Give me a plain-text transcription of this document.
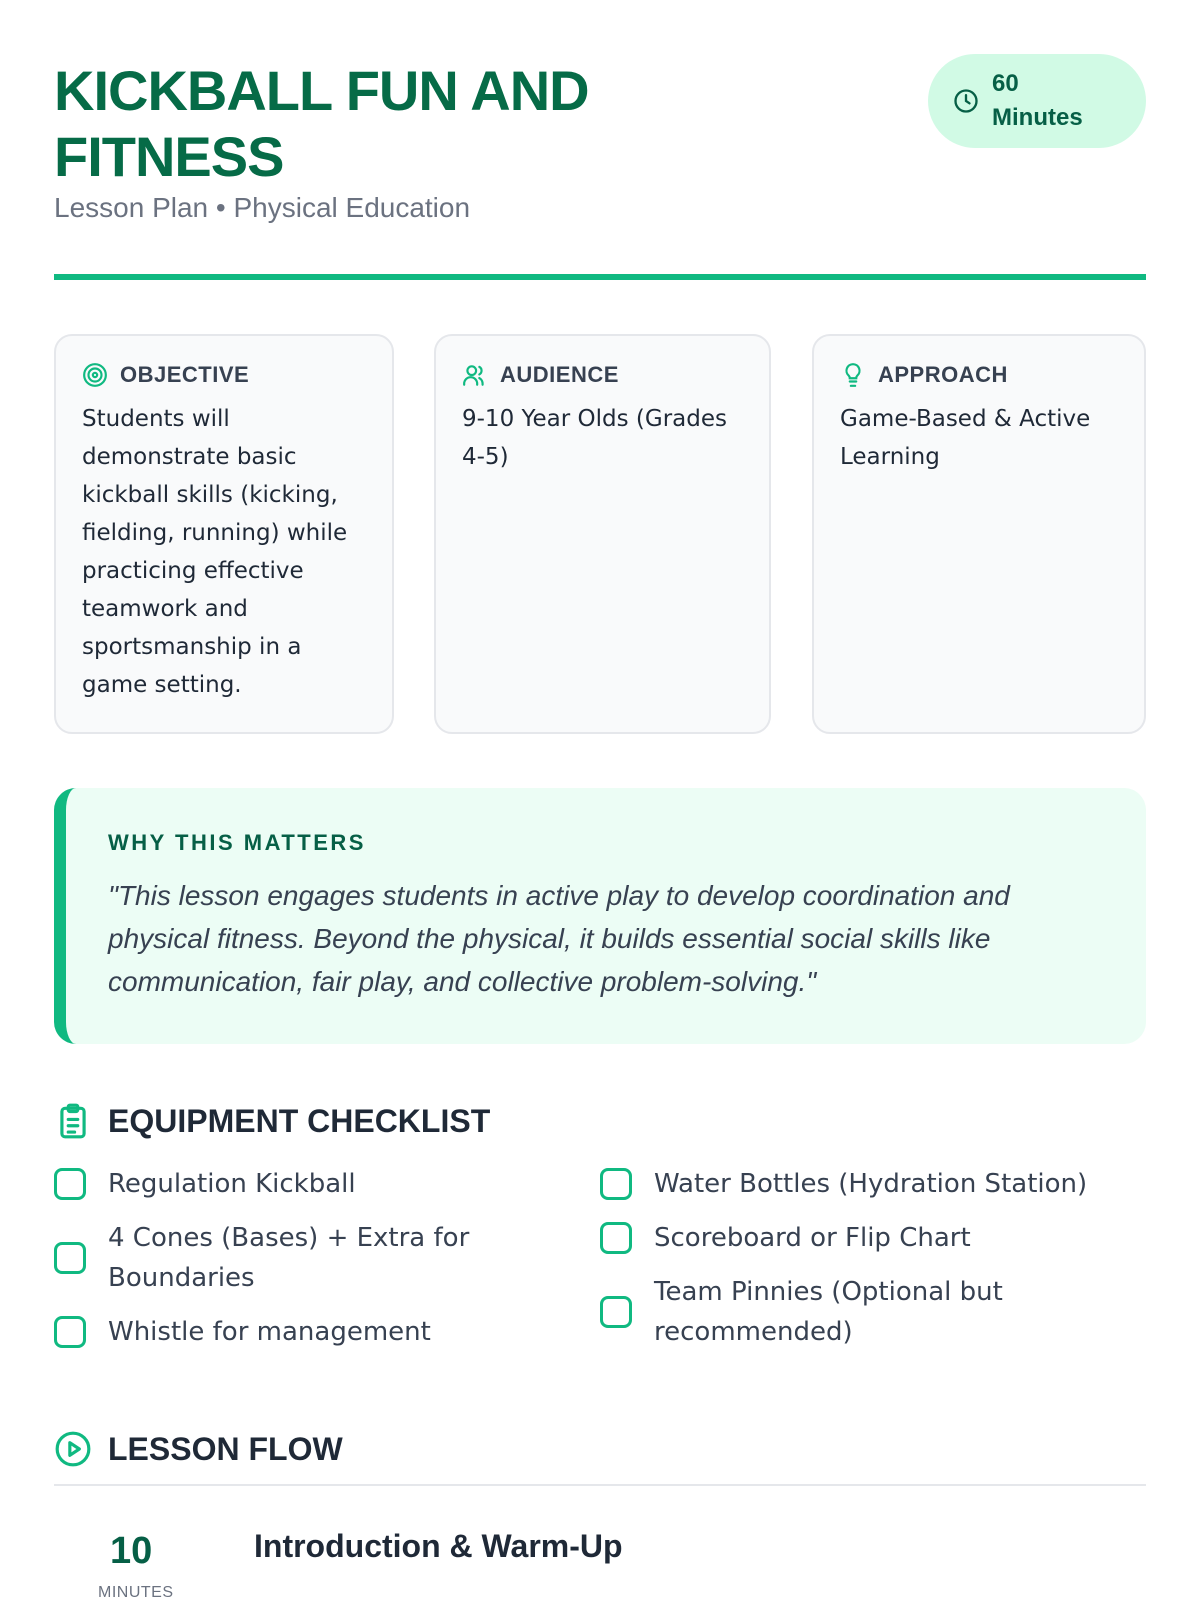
KICKBALL FUN AND FITNESS
Lesson Plan • Physical Education
60 Minutes
OBJECTIVE
Students will demonstrate basic kickball skills (kicking, fielding, running) while practicing effective teamwork and sportsmanship in a game setting.
AUDIENCE
9-10 Year Olds (Grades 4-5)
APPROACH
Game-Based & Active Learning
WHY THIS MATTERS
"This lesson engages students in active play to develop coordination and physical fitness. Beyond the physical, it builds essential social skills like communication, fair play, and collective problem-solving."
EQUIPMENT CHECKLIST
Regulation Kickball
4 Cones (Bases) + Extra for Boundaries
Whistle for management
Water Bottles (Hydration Station)
Scoreboard or Flip Chart
Team Pinnies (Optional but recommended)
LESSON FLOW
10
MINUTES
Introduction & Warm-Up
